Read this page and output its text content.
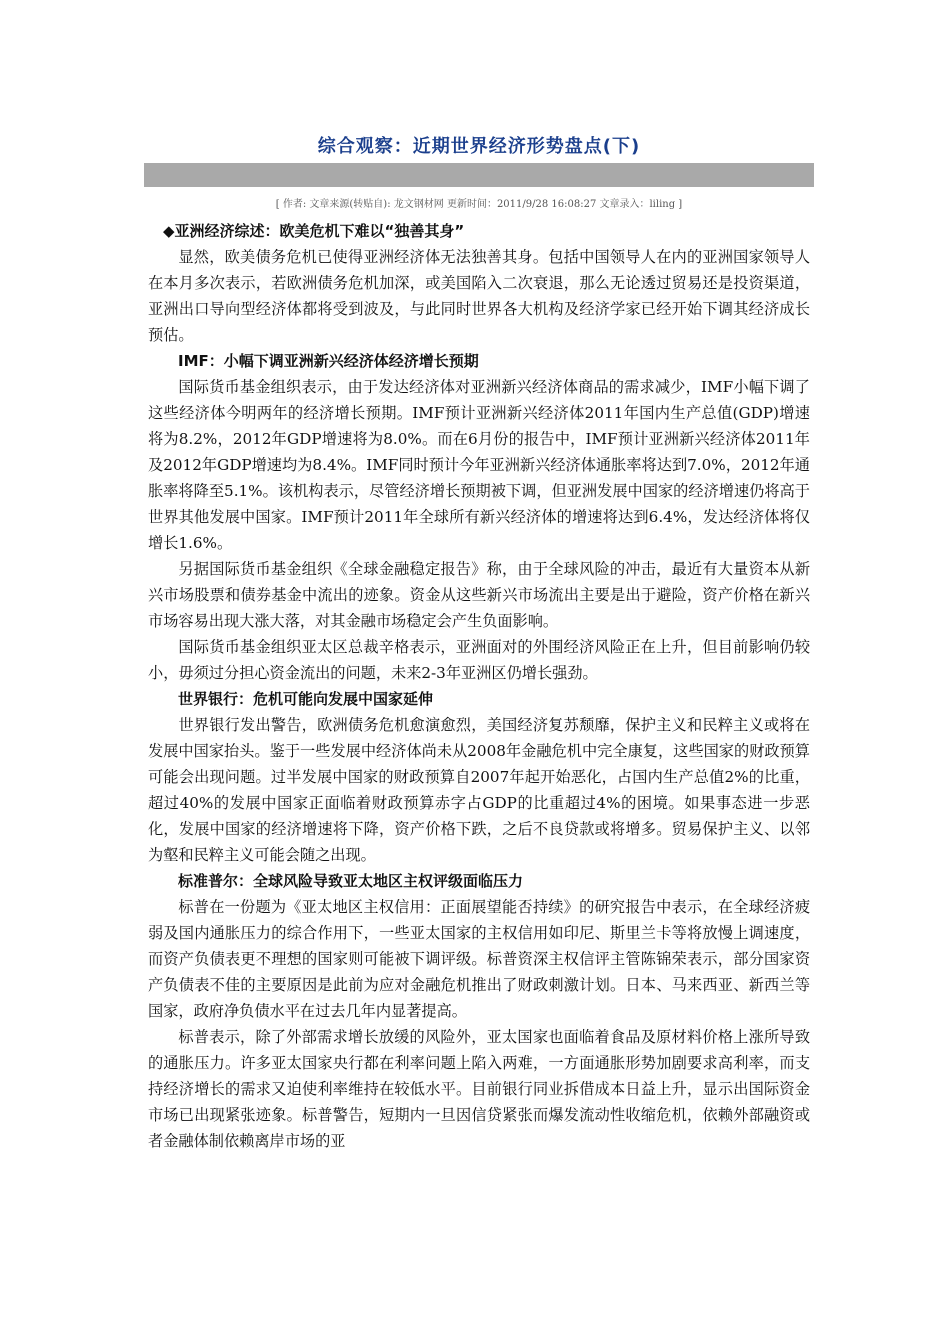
综合观察：近期世界经济形势盘点(下)
[ 作者: 文章来源(转贴自): 龙文钢材网 更新时间：2011/9/28 16:08:27 文章录入：liling ]
◆亚洲经济综述：欧美危机下难以“独善其身”

显然，欧美债务危机已使得亚洲经济体无法独善其身。包括中国领导人在内的亚洲国家领导人在本月多次表示，若欧洲债务危机加深，或美国陷入二次衰退，那么无论透过贸易还是投资渠道，亚洲出口导向型经济体都将受到波及，与此同时世界各大机构及经济学家已经开始下调其经济成长预估。

IMF：小幅下调亚洲新兴经济体经济增长预期

国际货币基金组织表示，由于发达经济体对亚洲新兴经济体商品的需求减少，IMF小幅下调了这些经济体今明两年的经济增长预期。IMF预计亚洲新兴经济体2011年国内生产总值(GDP)增速将为8.2%，2012年GDP增速将为8.0%。而在6月份的报告中，IMF预计亚洲新兴经济体2011年及2012年GDP增速均为8.4%。IMF同时预计今年亚洲新兴经济体通胀率将达到7.0%，2012年通胀率将降至5.1%。该机构表示，尽管经济增长预期被下调，但亚洲发展中国家的经济增速仍将高于世界其他发展中国家。IMF预计2011年全球所有新兴经济体的增速将达到6.4%，发达经济体将仅增长1.6%。

另据国际货币基金组织《全球金融稳定报告》称，由于全球风险的冲击，最近有大量资本从新兴市场股票和债券基金中流出的迹象。资金从这些新兴市场流出主要是出于避险，资产价格在新兴市场容易出现大涨大落，对其金融市场稳定会产生负面影响。

国际货币基金组织亚太区总裁辛格表示，亚洲面对的外围经济风险正在上升，但目前影响仍较小，毋须过分担心资金流出的问题，未来2-3年亚洲区仍增长强劲。

世界银行：危机可能向发展中国家延伸

世界银行发出警告，欧洲债务危机愈演愈烈，美国经济复苏颓靡，保护主义和民粹主义或将在发展中国家抬头。鉴于一些发展中经济体尚未从2008年金融危机中完全康复，这些国家的财政预算可能会出现问题。过半发展中国家的财政预算自2007年起开始恶化，占国内生产总值2%的比重，超过40%的发展中国家正面临着财政预算赤字占GDP的比重超过4%的困境。如果事态进一步恶化，发展中国家的经济增速将下降，资产价格下跌，之后不良贷款或将增多。贸易保护主义、以邻为壑和民粹主义可能会随之出现。

标准普尔：全球风险导致亚太地区主权评级面临压力

标普在一份题为《亚太地区主权信用：正面展望能否持续》的研究报告中表示，在全球经济疲弱及国内通胀压力的综合作用下，一些亚太国家的主权信用如印尼、斯里兰卡等将放慢上调速度，而资产负债表更不理想的国家则可能被下调评级。标普资深主权信评主管陈锦荣表示，部分国家资产负债表不佳的主要原因是此前为应对金融危机推出了财政刺激计划。日本、马来西亚、新西兰等国家，政府净负债水平在过去几年内显著提高。

标普表示，除了外部需求增长放缓的风险外，亚太国家也面临着食品及原材料价格上涨所导致的通胀压力。许多亚太国家央行都在利率问题上陷入两难，一方面通胀形势加剧要求高利率，而支持经济增长的需求又迫使利率维持在较低水平。目前银行同业拆借成本日益上升，显示出国际资金市场已出现紧张迹象。标普警告，短期内一旦因信贷紧张而爆发流动性收缩危机，依赖外部融资或者金融体制依赖离岸市场的亚
